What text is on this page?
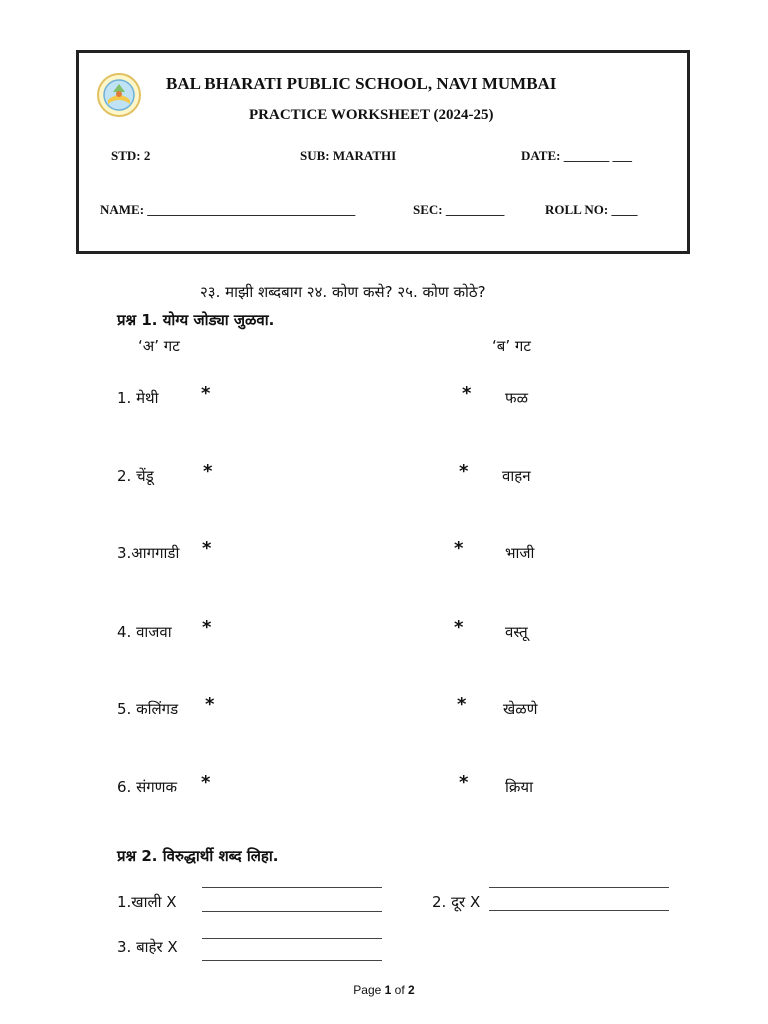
BAL BHARATI PUBLIC SCHOOL, NAVI MUMBAI
PRACTICE WORKSHEET (2024-25)
STD: 2	SUB: MARATHI	DATE: _______ ___
NAME: ________________________________	SEC: _________	ROLL NO: ____
२३. माझी शब्दबाग २४. कोण कसे? २५. कोण कोठे?
प्रश्न 1. योग्य जोड्या जुळवा.
‘अ’ गट	‘ब’ गट
1. मेथी *	* फळ
2. चेंडू	*	* वाहन
3.आगगाडी *	*	भाजी
4. वाजवा *	*	वस्तू
5. कलिंगड *	* खेळणे
6. संगणक *	* क्रिया
प्रश्न 2. विरुद्धार्थी शब्द लिहा.
1.खाली X	2. दूर X
3. बाहेर X
Page 1 of 2
